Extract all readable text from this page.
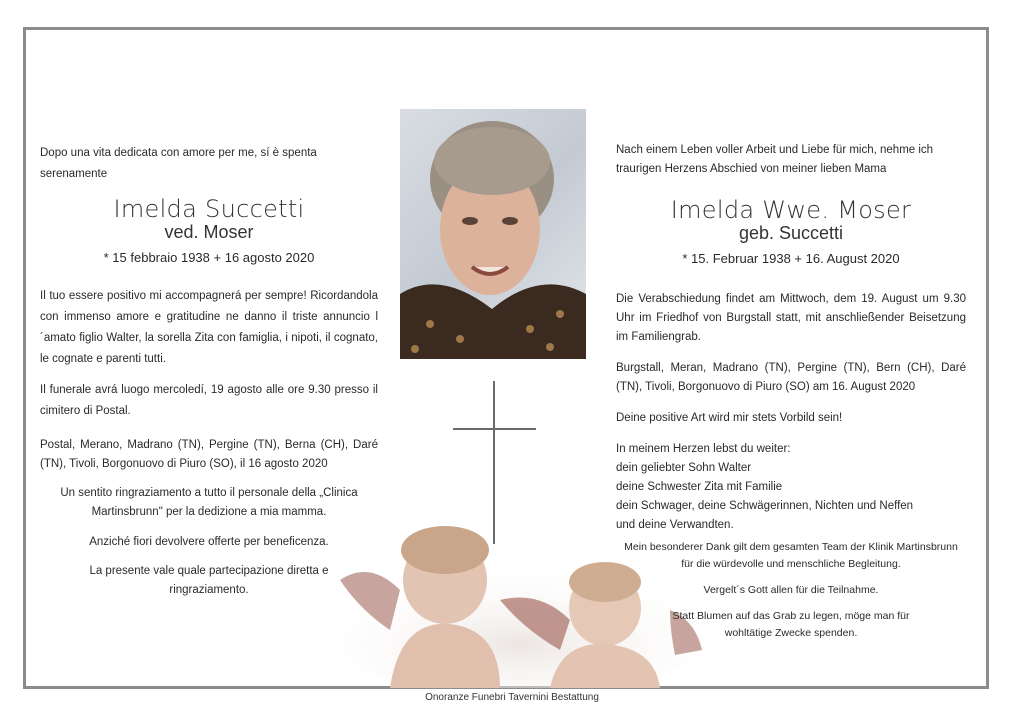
Dopo una vita dedicata con amore per me, sí è spenta serenamente

Imelda Succetti

ved. Moser

* 15 febbraio 1938 + 16 agosto 2020

Il tuo essere positivo mi accompagnerá per sempre! Ricordandola con immenso amore e gratitudine ne danno il triste annuncio l´amato figlio Walter, la sorella Zita con famiglia, i nipoti, il cognato, le cognate e parenti tutti.

Il funerale avrá luogo mercoledí, 19 agosto alle ore 9.30 presso il cimitero di Postal.

Postal, Merano, Madrano (TN), Pergine (TN), Berna (CH), Daré (TN), Tivoli, Borgonuovo di Piuro (SO), il 16 agosto 2020

Un sentito ringraziamento a tutto il personale della „Clinica Martinsbrunn" per la dedizione a mia mamma.

Anziché fiori devolvere offerte per beneficenza.

La presente vale quale partecipazione diretta e ringraziamento.

Nach einem Leben voller Arbeit und Liebe für mich, nehme ich traurigen Herzens Abschied von meiner lieben Mama

Imelda Wwe. Moser

geb. Succetti

* 15. Februar 1938 + 16. August 2020

Die Verabschiedung findet am Mittwoch, dem 19. August um 9.30 Uhr im Friedhof von Burgstall statt, mit anschließender Beisetzung im Familiengrab.

Burgstall, Meran, Madrano (TN), Pergine (TN), Bern (CH), Daré (TN), Tivoli, Borgonuovo di Piuro (SO) am 16. August 2020

Deine positive Art wird mir stets Vorbild sein!

In meinem Herzen lebst du weiter:

dein geliebter Sohn Walter

deine Schwester Zita mit Familie

dein Schwager, deine Schwägerinnen, Nichten und Neffen

und deine Verwandten.

Mein besonderer Dank gilt dem gesamten Team der Klinik Martinsbrunn für die würdevolle und menschliche Begleitung.

Vergelt´s Gott allen für die Teilnahme.

Statt Blumen auf das Grab zu legen, möge man für wohltätige Zwecke spenden.

Onoranze Funebri Tavernini Bestattung
